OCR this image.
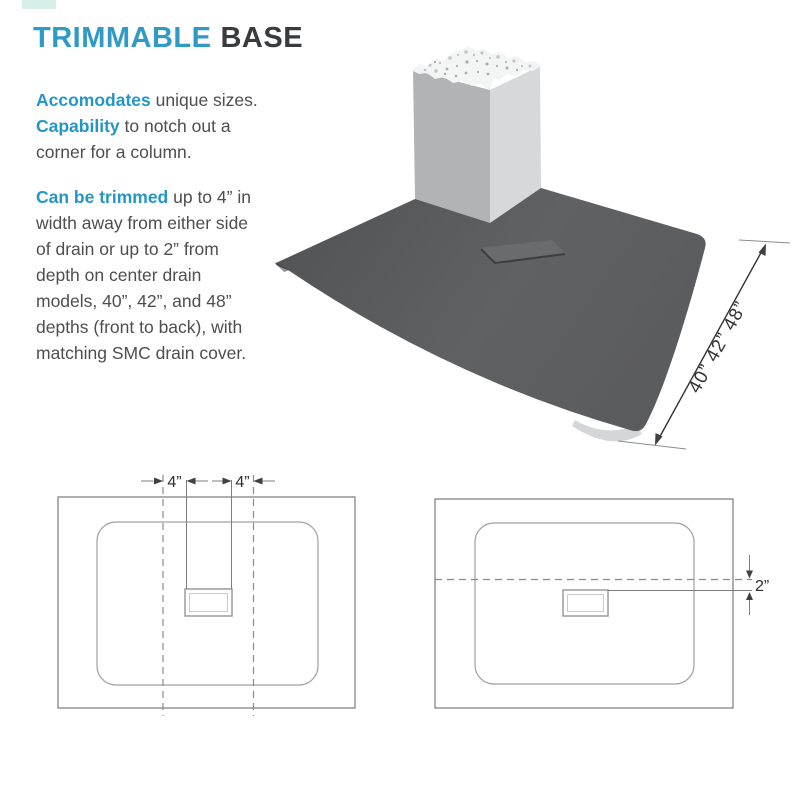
TRIMMABLE BASE
Accomodates unique sizes.
Capability to notch out a
corner for a column.
Can be trimmed up to 4” in
width away from either side
of drain or up to 2” from
depth on center drain
models, 40”, 42”, and 48”
depths (front to back), with
matching SMC drain cover.	40” 42” 48”
4”	4”
2”
